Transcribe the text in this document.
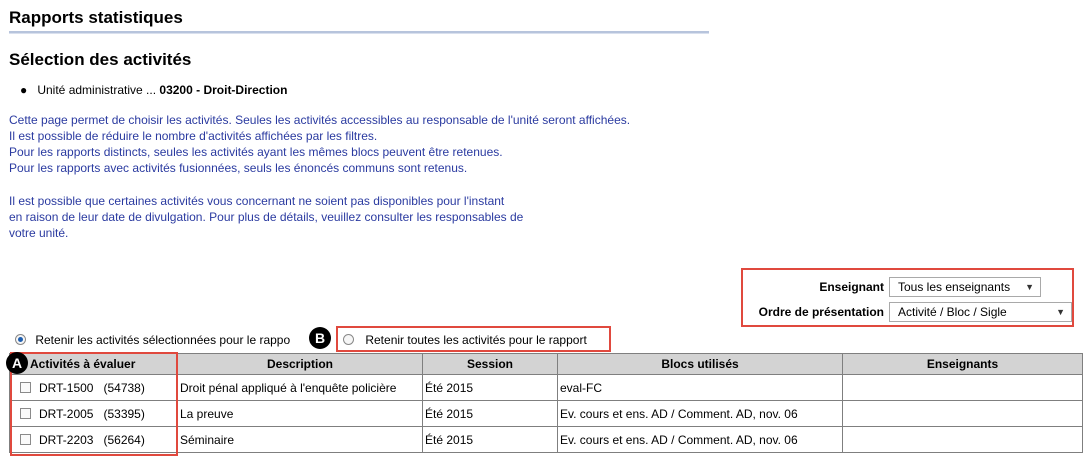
Rapports statistiques
Sélection des activités
● Unité administrative ... 03200 - Droit-Direction
Cette page permet de choisir les activités. Seules les activités accessibles au responsable de l'unité seront affichées.
Il est possible de réduire le nombre d'activités affichées par les filtres.
Pour les rapports distincts, seules les activités ayant les mêmes blocs peuvent être retenues.
Pour les rapports avec activités fusionnées, seuls les énoncés communs sont retenus.
Il est possible que certaines activités vous concernant ne soient pas disponibles pour l'instant
en raison de leur date de divulgation. Pour plus de détails, veuillez consulter les responsables de
votre unité.
Enseignant	Tous les enseignants ▼
Ordre de présentation	Activité / Bloc / Sigle	▼
Retenir les activités sélectionnées pour le rappo	B	Retenir toutes les activités pour le rapport
Activités à évaluer	Description	Session	Blocs utilisés	Enseignants
DRT-1500 (54738)	Droit pénal appliqué à l'enquête policière	Été 2015	eval-FC	
DRT-2005 (53395)	La preuve	Été 2015	Ev. cours et ens. AD / Comment. AD, nov. 06	
DRT-2203 (56264)	Séminaire	Été 2015	Ev. cours et ens. AD / Comment. AD, nov. 06	
A
